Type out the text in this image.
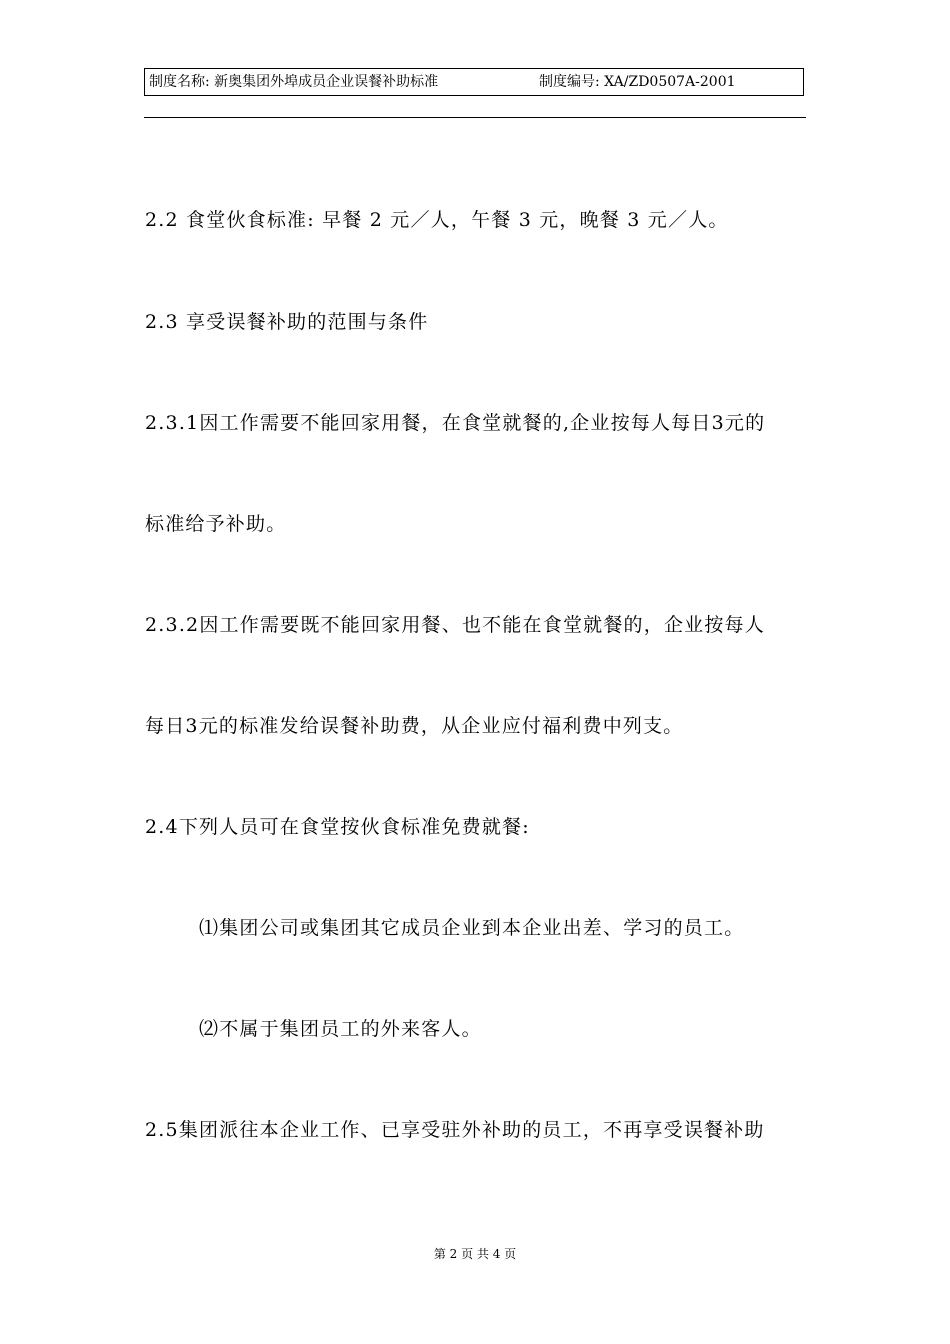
制度名称: 新奥集团外埠成员企业误餐补助标准	制度编号: XA/ZD0507A-2001
2.2 食堂伙食标准: 早餐 2 元／人，午餐 3 元，晚餐 3 元／人。
2.3 享受误餐补助的范围与条件
2.3.1因工作需要不能回家用餐，在食堂就餐的,企业按每人每日3元的
标准给予补助。
2.3.2因工作需要既不能回家用餐、也不能在食堂就餐的，企业按每人
每日3元的标准发给误餐补助费，从企业应付福利费中列支。
2.4下列人员可在食堂按伙食标准免费就餐:
⑴集团公司或集团其它成员企业到本企业出差、学习的员工。
⑵不属于集团员工的外来客人。
2.5集团派往本企业工作、已享受驻外补助的员工，不再享受误餐补助
第 2 页 共 4 页
